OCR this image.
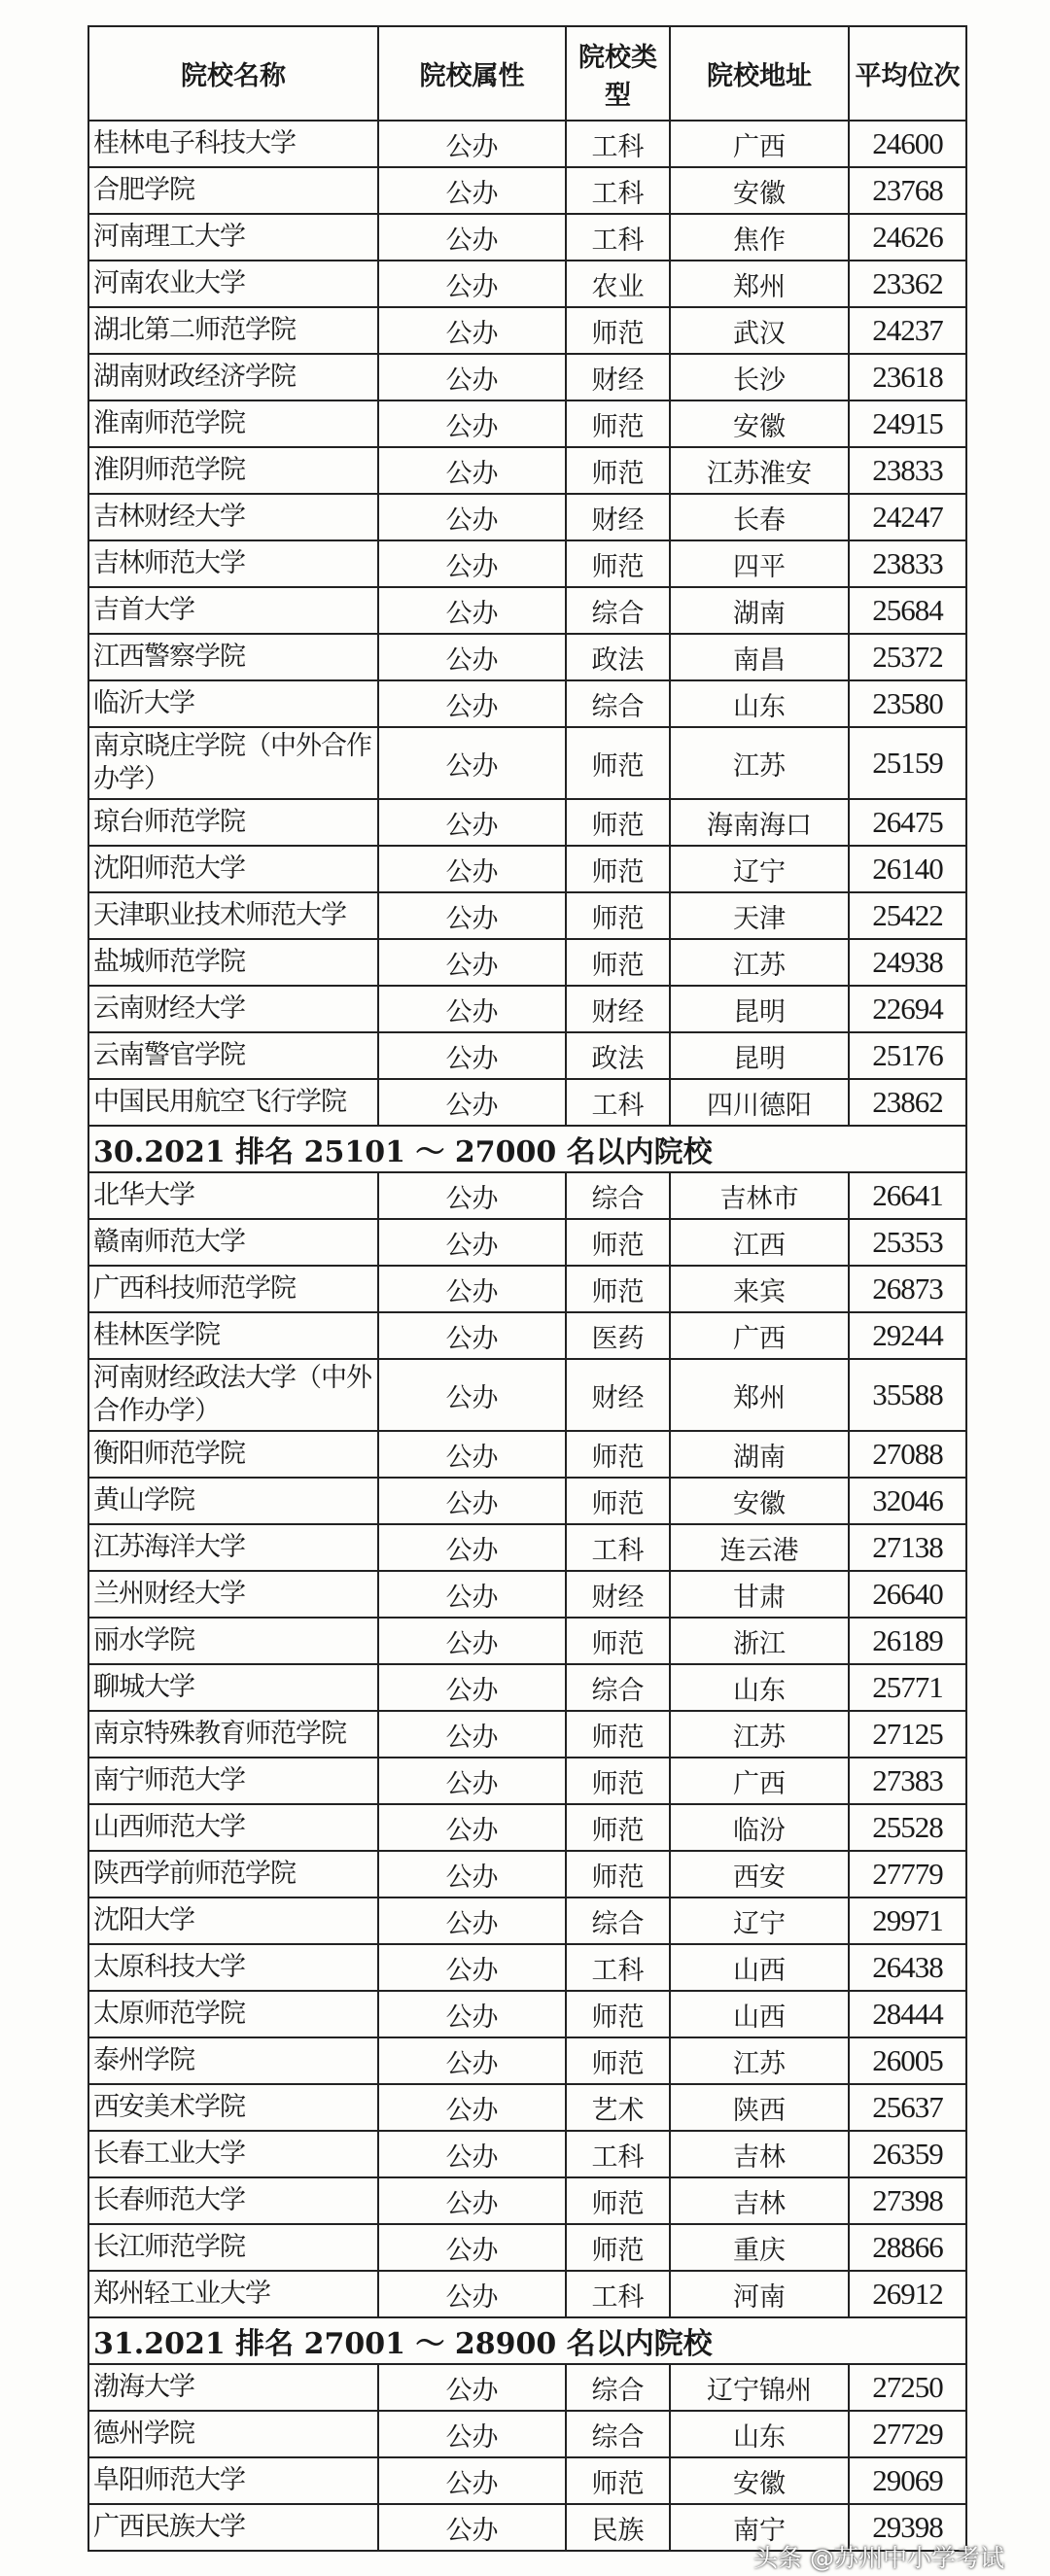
院校名称	院校属性	院校类型	院校地址	平均位次
桂林电子科技大学	公办	工科	广西	24600
合肥学院	公办	工科	安徽	23768
河南理工大学	公办	工科	焦作	24626
河南农业大学	公办	农业	郑州	23362
湖北第二师范学院	公办	师范	武汉	24237
湖南财政经济学院	公办	财经	长沙	23618
淮南师范学院	公办	师范	安徽	24915
淮阴师范学院	公办	师范	江苏淮安	23833
吉林财经大学	公办	财经	长春	24247
吉林师范大学	公办	师范	四平	23833
吉首大学	公办	综合	湖南	25684
江西警察学院	公办	政法	南昌	25372
临沂大学	公办	综合	山东	23580
南京晓庄学院（中外合作办学）	公办	师范	江苏	25159
琼台师范学院	公办	师范	海南海口	26475
沈阳师范大学	公办	师范	辽宁	26140
天津职业技术师范大学	公办	师范	天津	25422
盐城师范学院	公办	师范	江苏	24938
云南财经大学	公办	财经	昆明	22694
云南警官学院	公办	政法	昆明	25176
中国民用航空飞行学院	公办	工科	四川德阳	23862
30.2021 排名 25101 ～ 27000 名以内院校				
北华大学	公办	综合	吉林市	26641
赣南师范大学	公办	师范	江西	25353
广西科技师范学院	公办	师范	来宾	26873
桂林医学院	公办	医药	广西	29244
河南财经政法大学（中外合作办学）	公办	财经	郑州	35588
衡阳师范学院	公办	师范	湖南	27088
黄山学院	公办	师范	安徽	32046
江苏海洋大学	公办	工科	连云港	27138
兰州财经大学	公办	财经	甘肃	26640
丽水学院	公办	师范	浙江	26189
聊城大学	公办	综合	山东	25771
南京特殊教育师范学院	公办	师范	江苏	27125
南宁师范大学	公办	师范	广西	27383
山西师范大学	公办	师范	临汾	25528
陕西学前师范学院	公办	师范	西安	27779
沈阳大学	公办	综合	辽宁	29971
太原科技大学	公办	工科	山西	26438
太原师范学院	公办	师范	山西	28444
泰州学院	公办	师范	江苏	26005
西安美术学院	公办	艺术	陕西	25637
长春工业大学	公办	工科	吉林	26359
长春师范大学	公办	师范	吉林	27398
长江师范学院	公办	师范	重庆	28866
郑州轻工业大学	公办	工科	河南	26912
31.2021 排名 27001 ～ 28900 名以内院校				
渤海大学	公办	综合	辽宁锦州	27250
德州学院	公办	综合	山东	27729
阜阳师范大学	公办	师范	安徽	29069
广西民族大学	公办	民族	南宁	29398
头条 @苏州中小学考试
